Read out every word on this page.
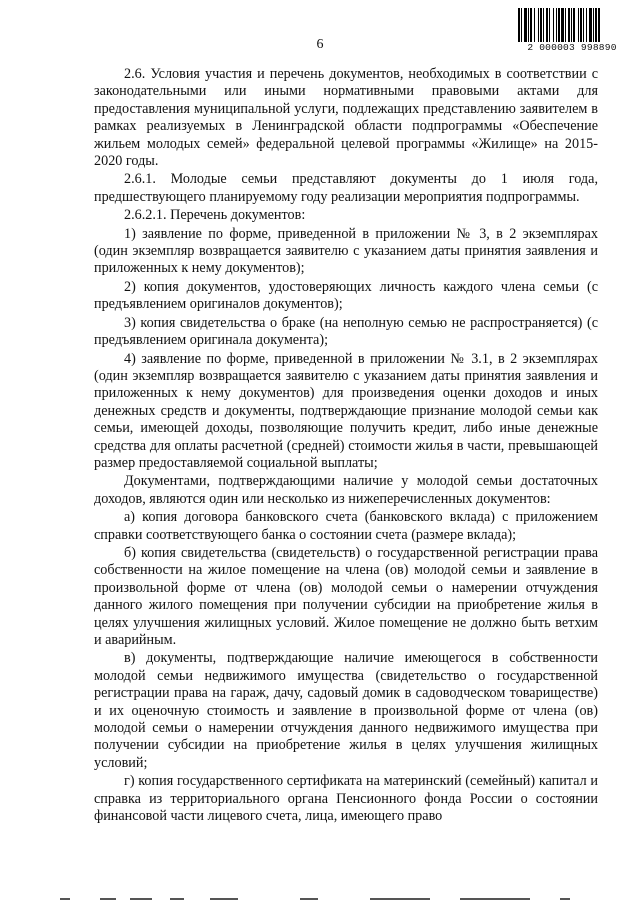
6	2 000003 998890

2.6. Условия участия и перечень документов, необходимых в соответствии с законодательными или иными нормативными правовыми актами для предоставления муниципальной услуги, подлежащих представлению заявителем в рамках реализуемых в Ленинградской области подпрограммы «Обеспечение жильем молодых семей» федеральной целевой программы «Жилище» на 2015-2020 годы.

2.6.1. Молодые семьи представляют документы до 1 июля года, предшествующего планируемому году реализации мероприятия подпрограммы.

2.6.2.1. Перечень документов:

1) заявление по форме, приведенной в приложении № 3, в 2 экземплярах (один экземпляр возвращается заявителю с указанием даты принятия заявления и приложенных к нему документов);

2) копия документов, удостоверяющих личность каждого члена семьи (с предъявлением оригиналов документов);

3) копия свидетельства о браке (на неполную семью не распространяется) (с предъявлением оригинала документа);

4) заявление по форме, приведенной в приложении № 3.1, в 2 экземплярах (один экземпляр возвращается заявителю с указанием даты принятия заявления и приложенных к нему документов) для произведения оценки доходов и иных денежных средств и документы, подтверждающие признание молодой семьи как семьи, имеющей доходы, позволяющие получить кредит, либо иные денежные средства для оплаты расчетной (средней) стоимости жилья в части, превышающей размер предоставляемой социальной выплаты;

Документами, подтверждающими наличие у молодой семьи достаточных доходов, являются один или несколько из нижеперечисленных документов:

а) копия договора банковского счета (банковского вклада) с приложением справки соответствующего банка о состоянии счета (размере вклада);

б) копия свидетельства (свидетельств) о государственной регистрации права собственности на жилое помещение на члена (ов) молодой семьи и заявление в произвольной форме от члена (ов) молодой семьи о намерении отчуждения данного жилого помещения при получении субсидии на приобретение жилья в целях улучшения жилищных условий. Жилое помещение не должно быть ветхим и аварийным.

в) документы, подтверждающие наличие имеющегося в собственности молодой семьи недвижимого имущества (свидетельство о государственной регистрации права на гараж, дачу, садовый домик в садоводческом товариществе) и их оценочную стоимость и заявление в произвольной форме от члена (ов) молодой семьи о намерении отчуждения данного недвижимого имущества при получении субсидии на приобретение жилья в целях улучшения жилищных условий;

г) копия государственного сертификата на материнский (семейный) капитал и справка из территориального органа Пенсионного фонда России о состоянии финансовой части лицевого счета, лица, имеющего право
